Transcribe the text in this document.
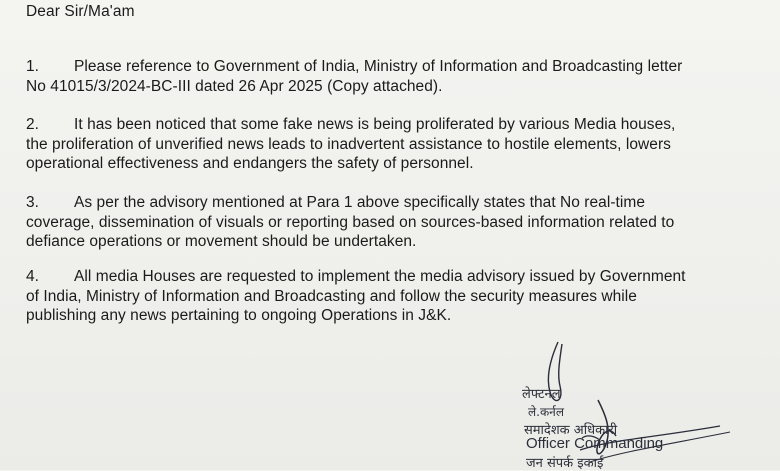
Dear Sir/Ma'am
1. Please reference to Government of India, Ministry of Information and Broadcasting letter
No 41015/3/2024-BC-III dated 26 Apr 2025 (Copy attached).
2. It has been noticed that some fake news is being proliferated by various Media houses,
the proliferation of unverified news leads to inadvertent assistance to hostile elements, lowers
operational effectiveness and endangers the safety of personnel.
3. As per the advisory mentioned at Para 1 above specifically states that No real-time
coverage, dissemination of visuals or reporting based on sources-based information related to
defiance operations or movement should be undertaken.
4. All media Houses are requested to implement the media advisory issued by Government
of India, Ministry of Information and Broadcasting and follow the security measures while
publishing any news pertaining to ongoing Operations in J&K.
लेफ्टनल
ले.कर्नल
समादेशक अधिकारी
Officer Commanding
जन संपर्क इकाई
